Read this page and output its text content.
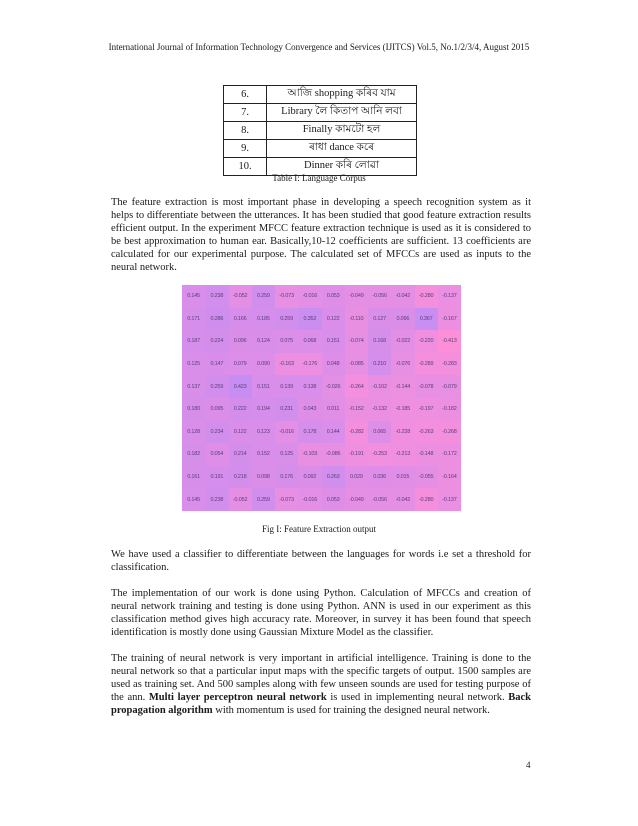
International Journal of Information Technology Convergence and Services (IJITCS) Vol.5, No.1/2/3/4, August 2015
6.	আজি shopping কৰিব যাম
7.	Library লৈ কিতাপ আনি লবা
8.	Finally কামটো হল
9.	ৰাধা dance কৰে
10.	Dinner কৰি লোৱা
Table I: Language Corpus

The feature extraction is most important phase in developing a speech recognition system as it helps to differentiate between the utterances. It has been studied that good feature extraction results efficient output. In the experiment MFCC feature extraction technique is used as it is considered to be best approximation to human ear. Basically,10-12 coefficients are sufficient. 13 coefficients are calculated for our experimental purpose. The calculated set of MFCCs are used as inputs to the neural network.

0.145	0.238	-0.052	0.259	-0.073	-0.016	0.053	-0.049	-0.056	-0.042	-0.280	-0.137
0.171	0.286	0.166	0.185	0.259	0.352	0.122	-0.110	0.127	0.096	0.367	-0.167
0.187	0.224	0.096	0.124	0.075	0.068	0.151	-0.074	0.168	-0.022	-0.220	-0.413
0.125	0.147	0.079	0.090	-0.163	-0.176	0.048	-0.085	0.210	-0.076	-0.289	-0.283
0.137	0.259	0.423	0.151	0.139	0.138	-0.026	-0.264	-0.102	-0.144	-0.078	-0.079
0.180	0.095	0.222	0.194	0.231	0.043	0.011	-0.152	-0.132	-0.185	-0.197	-0.182
0.128	0.234	0.122	0.123	-0.016	0.178	0.144	-0.282	0.065	-0.228	-0.263	-0.268
0.182	0.054	0.214	0.152	0.125	-0.103	-0.086	-0.191	-0.253	-0.213	-0.148	-0.172
0.161	0.191	0.218	0.098	0.176	0.092	0.263	0.029	0.036	0.015	-0.055	-0.164
0.145	0.238	-0.052	0.259	-0.073	-0.016	0.053	-0.049	-0.056	-0.042	-0.280	-0.137
Fig I: Feature Extraction output

We have used a classifier to differentiate between the languages for words i.e set a threshold for classification.

The implementation of our work is done using Python. Calculation of MFCCs and creation of neural network training and testing is done using Python. ANN is used in our experiment as this classification method gives high accuracy rate. Moreover, in survey it has been found that speech identification is mostly done using Gaussian Mixture Model as the classifier.

The training of neural network is very important in artificial intelligence. Training is done to the neural network so that a particular input maps with the specific targets of output. 1500 samples are used as training set. And 500 samples along with few unseen sounds are used for testing purpose of the ann. Multi layer perceptron neural network is used in implementing neural network. Back propagation algorithm with momentum is used for training the designed neural network.

4
